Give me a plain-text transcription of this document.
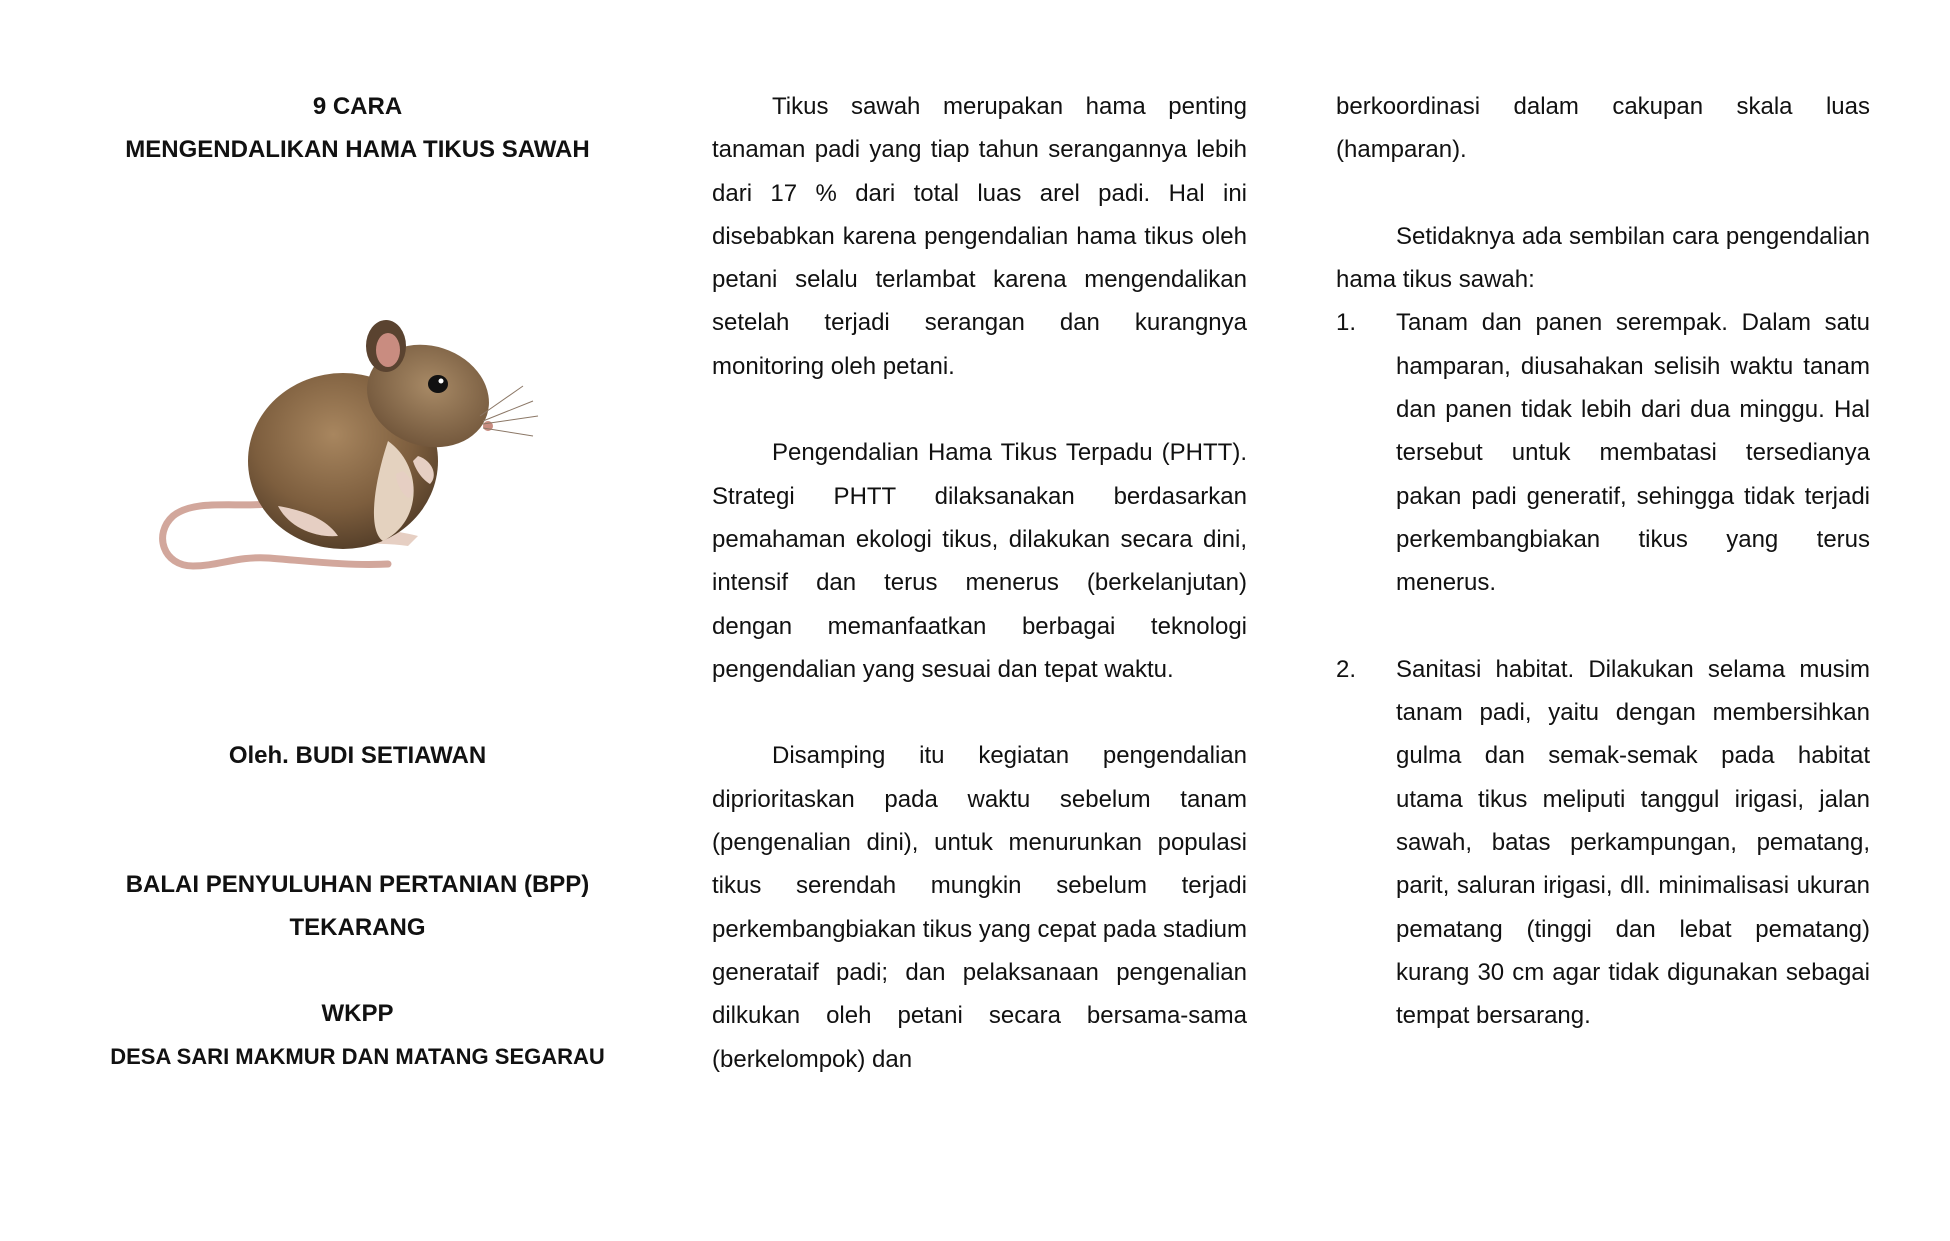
9 CARA
MENGENDALIKAN HAMA TIKUS SAWAH
Oleh. BUDI SETIAWAN
BALAI PENYULUHAN PERTANIAN (BPP)
TEKARANG
WKPP
DESA SARI MAKMUR DAN MATANG SEGARAU

Tikus sawah merupakan hama penting tanaman padi yang tiap tahun serangannya lebih dari 17 % dari total luas arel padi. Hal ini disebabkan karena pengendalian hama tikus oleh petani selalu terlambat karena mengendalikan setelah terjadi serangan dan kurangnya monitoring oleh petani.

Pengendalian Hama Tikus Terpadu (PHTT). Strategi PHTT dilaksanakan berdasarkan pemahaman ekologi tikus, dilakukan secara dini, intensif dan terus menerus (berkelanjutan) dengan memanfaatkan berbagai teknologi pengendalian yang sesuai dan tepat waktu.

Disamping itu kegiatan pengendalian diprioritaskan pada waktu sebelum tanam (pengenalian dini), untuk menurunkan populasi tikus serendah mungkin sebelum terjadi perkembangbiakan tikus yang cepat pada stadium generataif padi; dan pelaksanaan pengenalian dilkukan oleh petani secara bersama-sama (berkelompok) dan

berkoordinasi dalam cakupan skala luas (hamparan).

Setidaknya ada sembilan cara pengendalian hama tikus sawah:

1. Tanam dan panen serempak. Dalam satu hamparan, diusahakan selisih waktu tanam dan panen tidak lebih dari dua minggu. Hal tersebut untuk membatasi tersedianya pakan padi generatif, sehingga tidak terjadi perkembangbiakan tikus yang terus menerus.
2. Sanitasi habitat. Dilakukan selama musim tanam padi, yaitu dengan membersihkan gulma dan semak-semak pada habitat utama tikus meliputi tanggul irigasi, jalan sawah, batas perkampungan, pematang, parit, saluran irigasi, dll. minimalisasi ukuran pematang (tinggi dan lebat pematang) kurang 30 cm agar tidak digunakan sebagai tempat bersarang.
